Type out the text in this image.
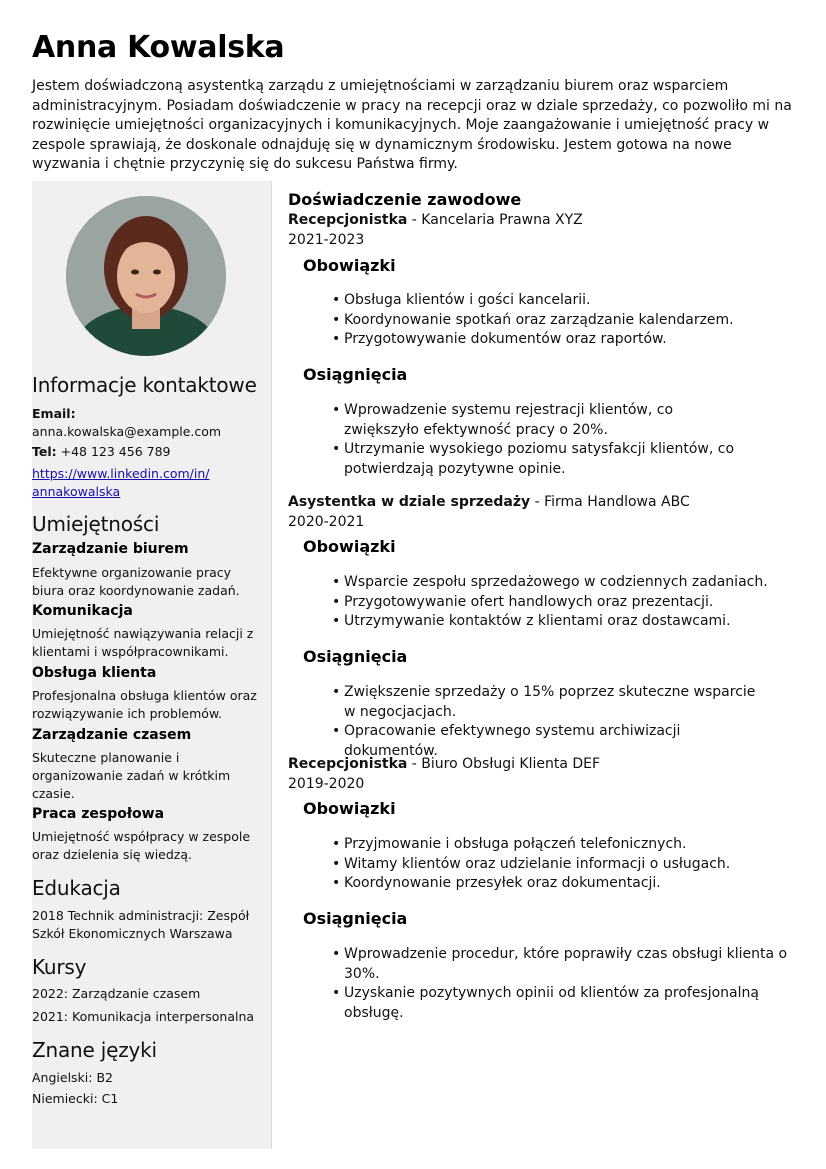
Anna Kowalska

Jestem doświadczoną asystentką zarządu z umiejętnościami w zarządzaniu biurem oraz wsparciem administracyjnym. Posiadam doświadczenie w pracy na recepcji oraz w dziale sprzedaży, co pozwoliło mi na rozwinięcie umiejętności organizacyjnych i komunikacyjnych. Moje zaangażowanie i umiejętność pracy w zespole sprawiają, że doskonale odnajduję się w dynamicznym środowisku. Jestem gotowa na nowe wyzwania i chętnie przyczynię się do sukcesu Państwa firmy.

Informacje kontaktowe
Email:
anna.kowalska@example.com
Tel: +48 123 456 789
https://www.linkedin.com/in/
annakowalska
Umiejętności
Zarządzanie biurem
Efektywne organizowanie pracy biura oraz koordynowanie zadań.
Komunikacja
Umiejętność nawiązywania relacji z klientami i współpracownikami.
Obsługa klienta
Profesjonalna obsługa klientów oraz rozwiązywanie ich problemów.
Zarządzanie czasem
Skuteczne planowanie i organizowanie zadań w krótkim czasie.
Praca zespołowa
Umiejętność współpracy w zespole oraz dzielenia się wiedzą.
Edukacja
2018 Technik administracji: Zespół Szkół Ekonomicznych Warszawa
Kursy
2022: Zarządzanie czasem
2021: Komunikacja interpersonalna
Znane języki
Angielski: B2
Niemiecki: C1
Doświadczenie zawodowe
Recepcjonistka - Kancelaria Prawna XYZ
2021-2023
Obowiązki
• Obsługa klientów i gości kancelarii.
• Koordynowanie spotkań oraz zarządzanie kalendarzem.
• Przygotowywanie dokumentów oraz raportów.
Osiągnięcia
• Wprowadzenie systemu rejestracji klientów, co zwiększyło efektywność pracy o 20%.
• Utrzymanie wysokiego poziomu satysfakcji klientów, co potwierdzają pozytywne opinie.
Asystentka w dziale sprzedaży - Firma Handlowa ABC
2020-2021
Obowiązki
• Wsparcie zespołu sprzedażowego w codziennych zadaniach.
• Przygotowywanie ofert handlowych oraz prezentacji.
• Utrzymywanie kontaktów z klientami oraz dostawcami.
Osiągnięcia
• Zwiększenie sprzedaży o 15% poprzez skuteczne wsparcie w negocjacjach.
• Opracowanie efektywnego systemu archiwizacji dokumentów.
Recepcjonistka - Biuro Obsługi Klienta DEF
2019-2020
Obowiązki
• Przyjmowanie i obsługa połączeń telefonicznych.
• Witamy klientów oraz udzielanie informacji o usługach.
• Koordynowanie przesyłek oraz dokumentacji.
Osiągnięcia
• Wprowadzenie procedur, które poprawiły czas obsługi klienta o 30%.
• Uzyskanie pozytywnych opinii od klientów za profesjonalną obsługę.
